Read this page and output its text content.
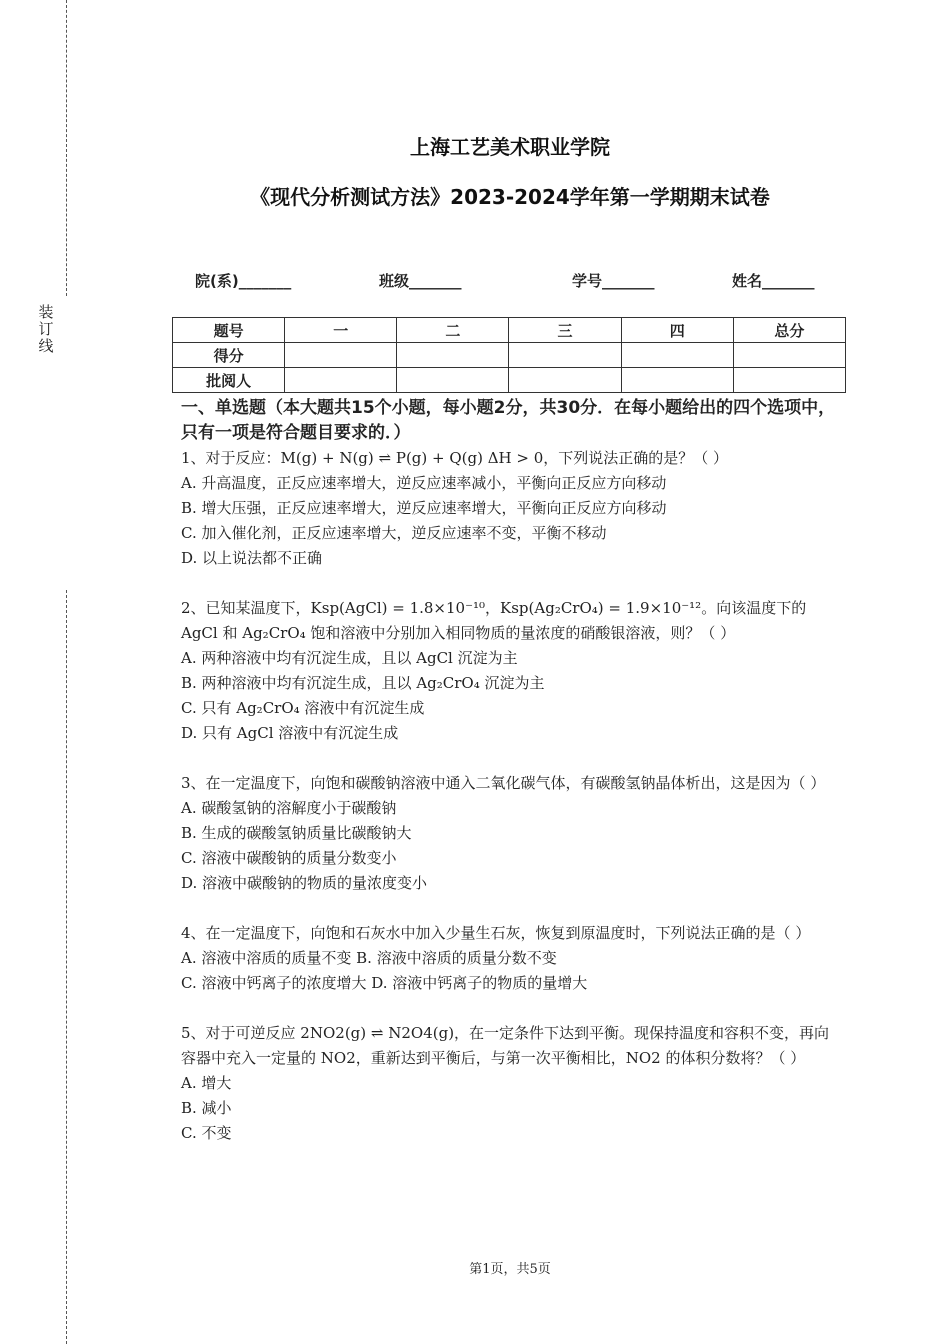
装订线
上海工艺美术职业学院
《现代分析测试方法》2023-2024学年第一学期期末试卷
院(系)_______	班级_______	学号_______	姓名_______
题号	一	二	三	四	总分
得分					
批阅人					
一、单选题（本大题共15个小题，每小题2分，共30分．在每小题给出的四个选项中，只有一项是符合题目要求的．）

1、对于反应：M(g) + N(g) ⇌ P(g) + Q(g) ΔH > 0，下列说法正确的是？（ ）

A. 升高温度，正反应速率增大，逆反应速率减小，平衡向正反应方向移动

B. 增大压强，正反应速率增大，逆反应速率增大，平衡向正反应方向移动

C. 加入催化剂，正反应速率增大，逆反应速率不变，平衡不移动

D. 以上说法都不正确

2、已知某温度下，Ksp(AgCl) = 1.8×10⁻¹⁰，Ksp(Ag₂CrO₄) = 1.9×10⁻¹²。向该温度下的 AgCl 和 Ag₂CrO₄ 饱和溶液中分别加入相同物质的量浓度的硝酸银溶液，则？（ ）

A. 两种溶液中均有沉淀生成，且以 AgCl 沉淀为主

B. 两种溶液中均有沉淀生成，且以 Ag₂CrO₄ 沉淀为主

C. 只有 Ag₂CrO₄ 溶液中有沉淀生成

D. 只有 AgCl 溶液中有沉淀生成

3、在一定温度下，向饱和碳酸钠溶液中通入二氧化碳气体，有碳酸氢钠晶体析出，这是因为（ ）

A. 碳酸氢钠的溶解度小于碳酸钠

B. 生成的碳酸氢钠质量比碳酸钠大

C. 溶液中碳酸钠的质量分数变小

D. 溶液中碳酸钠的物质的量浓度变小

4、在一定温度下，向饱和石灰水中加入少量生石灰，恢复到原温度时，下列说法正确的是（ ）

A. 溶液中溶质的质量不变 B. 溶液中溶质的质量分数不变

C. 溶液中钙离子的浓度增大 D. 溶液中钙离子的物质的量增大

5、对于可逆反应 2NO2(g) ⇌ N2O4(g)，在一定条件下达到平衡。现保持温度和容积不变，再向容器中充入一定量的 NO2，重新达到平衡后，与第一次平衡相比，NO2 的体积分数将？（ ）

A. 增大

B. 减小

C. 不变

第1页，共5页
